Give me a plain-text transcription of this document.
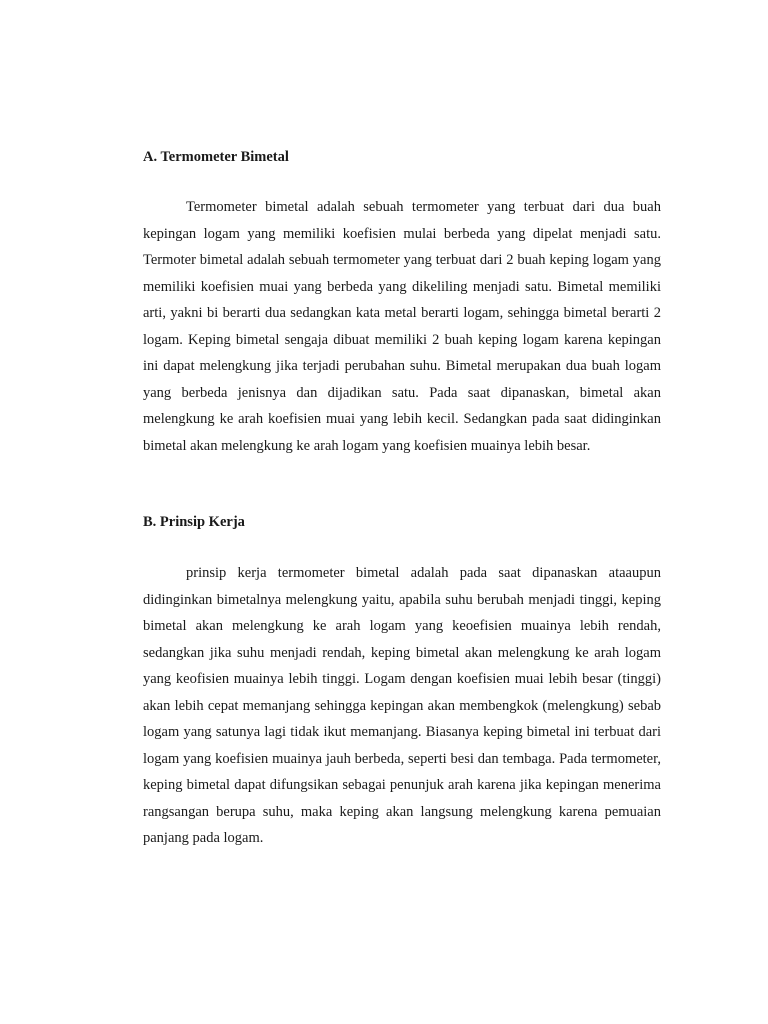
A. Termometer Bimetal

Termometer bimetal adalah sebuah termometer yang terbuat dari dua buah kepingan logam yang memiliki koefisien mulai berbeda yang dipelat menjadi satu. Termoter bimetal adalah sebuah termometer yang terbuat dari 2 buah keping logam yang memiliki koefisien muai yang berbeda yang dikeliling menjadi satu. Bimetal memiliki arti, yakni bi berarti dua sedangkan kata metal berarti logam, sehingga bimetal berarti 2 logam. Keping bimetal sengaja dibuat memiliki 2 buah keping logam karena kepingan ini dapat melengkung jika terjadi perubahan suhu. Bimetal merupakan dua buah logam yang berbeda jenisnya dan dijadikan satu. Pada saat dipanaskan, bimetal akan melengkung ke arah koefisien muai yang lebih kecil. Sedangkan pada saat didinginkan bimetal akan melengkung ke arah logam yang koefisien muainya lebih besar.

B. Prinsip Kerja

prinsip kerja termometer bimetal adalah pada saat dipanaskan ataaupun didinginkan bimetalnya melengkung yaitu, apabila suhu berubah menjadi tinggi, keping bimetal akan melengkung ke arah logam yang keoefisien muainya lebih rendah, sedangkan jika suhu menjadi rendah, keping bimetal akan melengkung ke arah logam yang keofisien muainya lebih tinggi. Logam dengan koefisien muai lebih besar (tinggi) akan lebih cepat memanjang sehingga kepingan akan membengkok (melengkung) sebab logam yang satunya lagi tidak ikut memanjang. Biasanya keping bimetal ini terbuat dari logam yang koefisien muainya jauh berbeda, seperti besi dan tembaga. Pada termometer, keping bimetal dapat difungsikan sebagai penunjuk arah karena jika kepingan menerima rangsangan berupa suhu, maka keping akan langsung melengkung karena pemuaian panjang pada logam.
